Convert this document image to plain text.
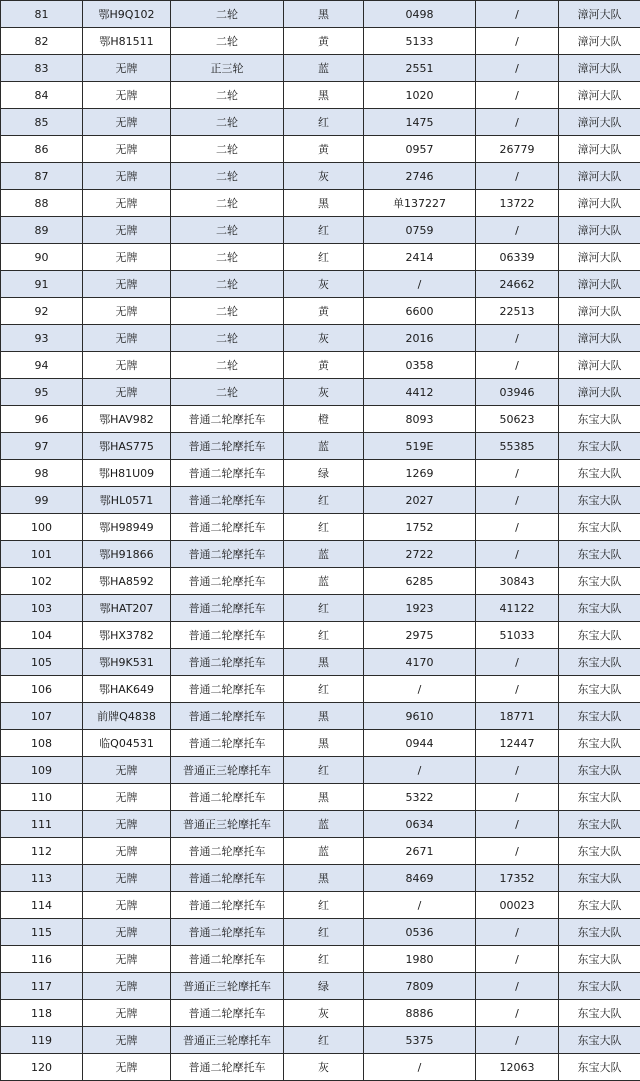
81	鄂H9Q102	二轮	黑	0498	/	漳河大队
82	鄂H81511	二轮	黄	5133	/	漳河大队
83	无牌	正三轮	蓝	2551	/	漳河大队
84	无牌	二轮	黑	1020	/	漳河大队
85	无牌	二轮	红	1475	/	漳河大队
86	无牌	二轮	黄	0957	26779	漳河大队
87	无牌	二轮	灰	2746	/	漳河大队
88	无牌	二轮	黑	单137227	13722	漳河大队
89	无牌	二轮	红	0759	/	漳河大队
90	无牌	二轮	红	2414	06339	漳河大队
91	无牌	二轮	灰	/	24662	漳河大队
92	无牌	二轮	黄	6600	22513	漳河大队
93	无牌	二轮	灰	2016	/	漳河大队
94	无牌	二轮	黄	0358	/	漳河大队
95	无牌	二轮	灰	4412	03946	漳河大队
96	鄂HAV982	普通二轮摩托车	橙	8093	50623	东宝大队
97	鄂HAS775	普通二轮摩托车	蓝	519E	55385	东宝大队
98	鄂H81U09	普通二轮摩托车	绿	1269	/	东宝大队
99	鄂HL0571	普通二轮摩托车	红	2027	/	东宝大队
100	鄂H98949	普通二轮摩托车	红	1752	/	东宝大队
101	鄂H91866	普通二轮摩托车	蓝	2722	/	东宝大队
102	鄂HA8592	普通二轮摩托车	蓝	6285	30843	东宝大队
103	鄂HAT207	普通二轮摩托车	红	1923	41122	东宝大队
104	鄂HX3782	普通二轮摩托车	红	2975	51033	东宝大队
105	鄂H9K531	普通二轮摩托车	黑	4170	/	东宝大队
106	鄂HAK649	普通二轮摩托车	红	/	/	东宝大队
107	前牌Q4838	普通二轮摩托车	黑	9610	18771	东宝大队
108	临Q04531	普通二轮摩托车	黑	0944	12447	东宝大队
109	无牌	普通正三轮摩托车	红	/	/	东宝大队
110	无牌	普通二轮摩托车	黑	5322	/	东宝大队
111	无牌	普通正三轮摩托车	蓝	0634	/	东宝大队
112	无牌	普通二轮摩托车	蓝	2671	/	东宝大队
113	无牌	普通二轮摩托车	黑	8469	17352	东宝大队
114	无牌	普通二轮摩托车	红	/	00023	东宝大队
115	无牌	普通二轮摩托车	红	0536	/	东宝大队
116	无牌	普通二轮摩托车	红	1980	/	东宝大队
117	无牌	普通正三轮摩托车	绿	7809	/	东宝大队
118	无牌	普通二轮摩托车	灰	8886	/	东宝大队
119	无牌	普通正三轮摩托车	红	5375	/	东宝大队
120	无牌	普通二轮摩托车	灰	/	12063	东宝大队
